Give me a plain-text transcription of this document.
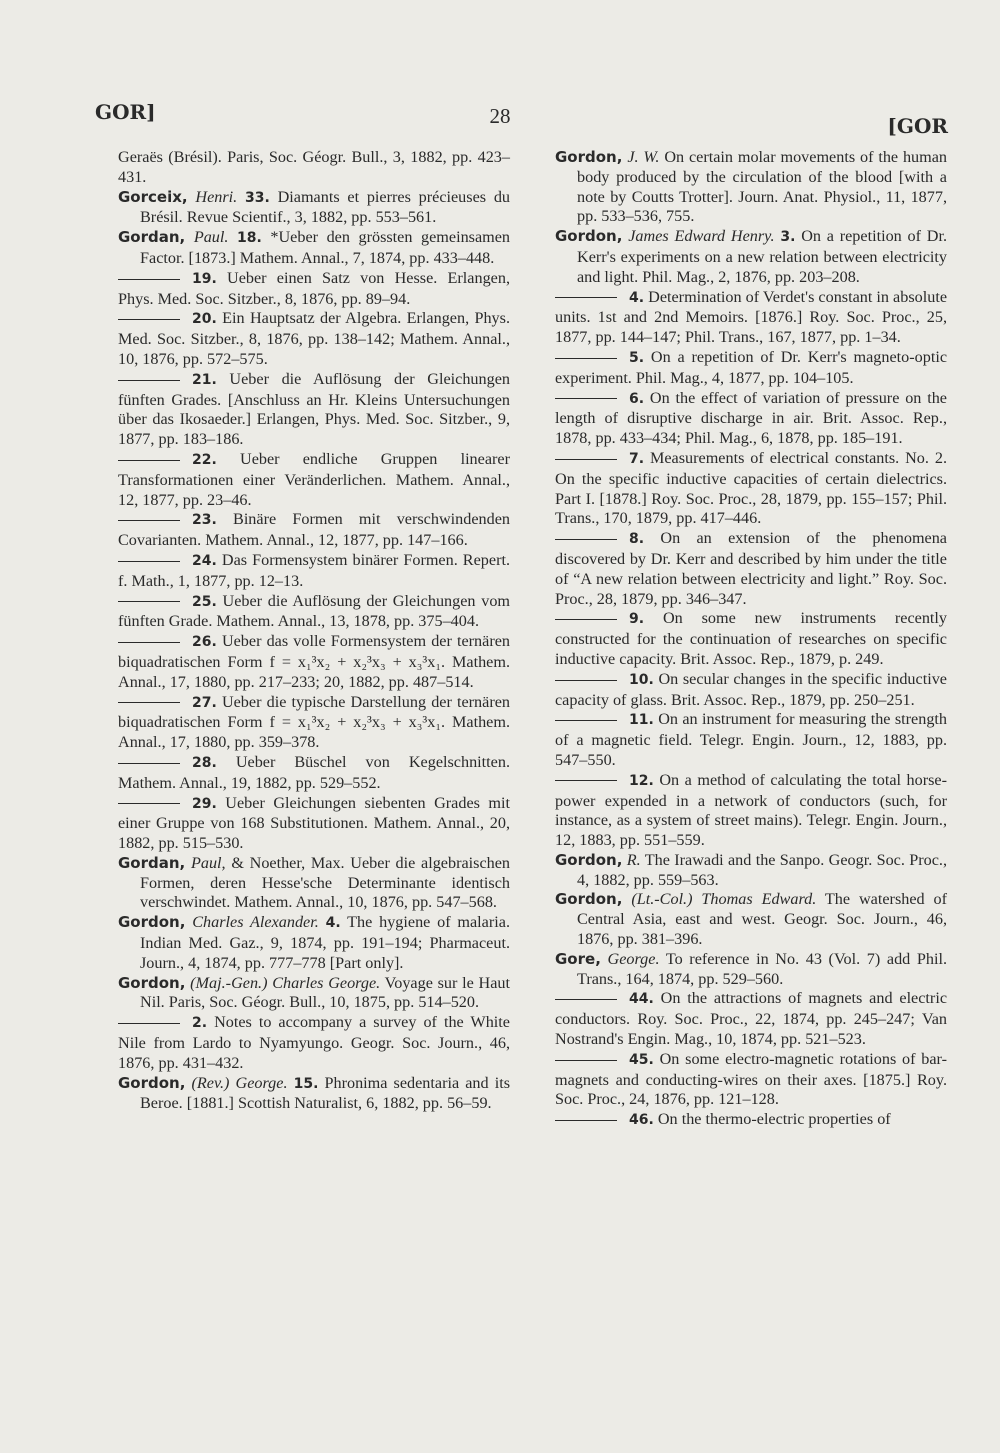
28
GOR]
[GOR
Geraës (Brésil). Paris, Soc. Géogr. Bull., 3, 1882, pp. 423–431.
Gorceix, Henri. 33. Diamants et pierres précieuses du Brésil. Revue Scientif., 3, 1882, pp. 553–561.
Gordan, Paul. 18. *Ueber den grössten gemeinsamen Factor. [1873.] Mathem. Annal., 7, 1874, pp. 433–448.
19. Ueber einen Satz von Hesse. Erlangen, Phys. Med. Soc. Sitzber., 8, 1876, pp. 89–94.
20. Ein Hauptsatz der Algebra. Erlangen, Phys. Med. Soc. Sitzber., 8, 1876, pp. 138–142; Mathem. Annal., 10, 1876, pp. 572–575.
21. Ueber die Auflösung der Gleichungen fünften Grades. [Anschluss an Hr. Kleins Untersuchungen über das Ikosaeder.] Erlangen, Phys. Med. Soc. Sitzber., 9, 1877, pp. 183–186.
22. Ueber endliche Gruppen linearer Transformationen einer Veränderlichen. Mathem. Annal., 12, 1877, pp. 23–46.
23. Binäre Formen mit verschwindenden Covarianten. Mathem. Annal., 12, 1877, pp. 147–166.
24. Das Formensystem binärer Formen. Repert. f. Math., 1, 1877, pp. 12–13.
25. Ueber die Auflösung der Gleichungen vom fünften Grade. Mathem. Annal., 13, 1878, pp. 375–404.
26. Ueber das volle Formensystem der ternären biquadratischen Form f = x₁³x₂ + x₂³x₃ + x₃³x₁. Mathem. Annal., 17, 1880, pp. 217–233; 20, 1882, pp. 487–514.
27. Ueber die typische Darstellung der ternären biquadratischen Form f = x₁³x₂ + x₂³x₃ + x₃³x₁. Mathem. Annal., 17, 1880, pp. 359–378.
28. Ueber Büschel von Kegelschnitten. Mathem. Annal., 19, 1882, pp. 529–552.
29. Ueber Gleichungen siebenten Grades mit einer Gruppe von 168 Substitutionen. Mathem. Annal., 20, 1882, pp. 515–530.
Gordan, Paul, & Noether, Max. Ueber die algebraischen Formen, deren Hesse'sche Determinante identisch verschwindet. Mathem. Annal., 10, 1876, pp. 547–568.
Gordon, Charles Alexander. 4. The hygiene of malaria. Indian Med. Gaz., 9, 1874, pp. 191–194; Pharmaceut. Journ., 4, 1874, pp. 777–778 [Part only].
Gordon, (Maj.-Gen.) Charles George. Voyage sur le Haut Nil. Paris, Soc. Géogr. Bull., 10, 1875, pp. 514–520.
2. Notes to accompany a survey of the White Nile from Lardo to Nyamyungo. Geogr. Soc. Journ., 46, 1876, pp. 431–432.
Gordon, (Rev.) George. 15. Phronima sedentaria and its Beroe. [1881.] Scottish Naturalist, 6, 1882, pp. 56–59.
Gordon, J. W. On certain molar movements of the human body produced by the circulation of the blood [with a note by Coutts Trotter]. Journ. Anat. Physiol., 11, 1877, pp. 533–536, 755.
Gordon, James Edward Henry. 3. On a repetition of Dr. Kerr's experiments on a new relation between electricity and light. Phil. Mag., 2, 1876, pp. 203–208.
4. Determination of Verdet's constant in absolute units. 1st and 2nd Memoirs. [1876.] Roy. Soc. Proc., 25, 1877, pp. 144–147; Phil. Trans., 167, 1877, pp. 1–34.
5. On a repetition of Dr. Kerr's magneto-optic experiment. Phil. Mag., 4, 1877, pp. 104–105.
6. On the effect of variation of pressure on the length of disruptive discharge in air. Brit. Assoc. Rep., 1878, pp. 433–434; Phil. Mag., 6, 1878, pp. 185–191.
7. Measurements of electrical constants. No. 2. On the specific inductive capacities of certain dielectrics. Part I. [1878.] Roy. Soc. Proc., 28, 1879, pp. 155–157; Phil. Trans., 170, 1879, pp. 417–446.
8. On an extension of the phenomena discovered by Dr. Kerr and described by him under the title of “A new relation between electricity and light.” Roy. Soc. Proc., 28, 1879, pp. 346–347.
9. On some new instruments recently constructed for the continuation of researches on specific inductive capacity. Brit. Assoc. Rep., 1879, p. 249.
10. On secular changes in the specific inductive capacity of glass. Brit. Assoc. Rep., 1879, pp. 250–251.
11. On an instrument for measuring the strength of a magnetic field. Telegr. Engin. Journ., 12, 1883, pp. 547–550.
12. On a method of calculating the total horse-power expended in a network of conductors (such, for instance, as a system of street mains). Telegr. Engin. Journ., 12, 1883, pp. 551–559.
Gordon, R. The Irawadi and the Sanpo. Geogr. Soc. Proc., 4, 1882, pp. 559–563.
Gordon, (Lt.-Col.) Thomas Edward. The watershed of Central Asia, east and west. Geogr. Soc. Journ., 46, 1876, pp. 381–396.
Gore, George. To reference in No. 43 (Vol. 7) add Phil. Trans., 164, 1874, pp. 529–560.
44. On the attractions of magnets and electric conductors. Roy. Soc. Proc., 22, 1874, pp. 245–247; Van Nostrand's Engin. Mag., 10, 1874, pp. 521–523.
45. On some electro-magnetic rotations of bar-magnets and conducting-wires on their axes. [1875.] Roy. Soc. Proc., 24, 1876, pp. 121–128.
46. On the thermo-electric properties of
